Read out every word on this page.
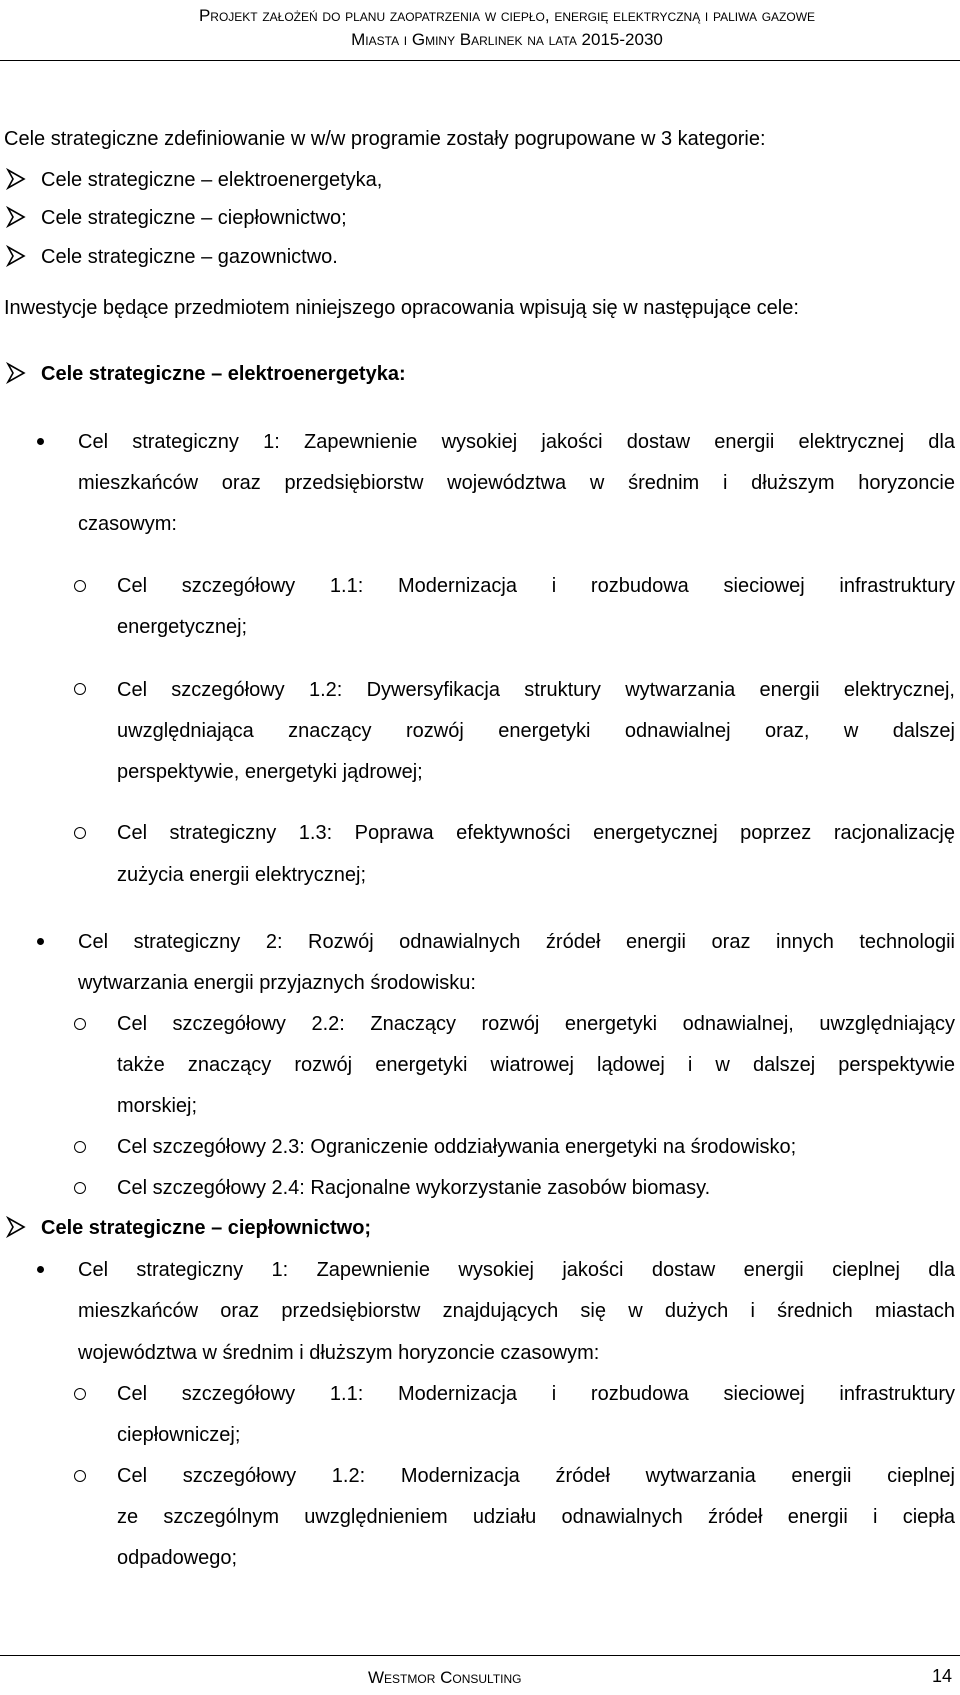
Projekt założeń do planu zaopatrzenia w ciepło, energię elektryczną i paliwa gazowe
Miasta i Gminy Barlinek na lata 2015-2030
Cele strategiczne zdefiniowanie w w/w programie zostały pogrupowane w 3 kategorie:
Cele strategiczne – elektroenergetyka,
Cele strategiczne – ciepłownictwo;
Cele strategiczne – gazownictwo.
Inwestycje będące przedmiotem niniejszego opracowania wpisują się w następujące cele:
Cele strategiczne – elektroenergetyka:
Cel strategiczny 1: Zapewnienie wysokiej jakości dostaw energii elektrycznej dla
mieszkańców oraz przedsiębiorstw województwa w średnim i dłuższym horyzoncie
czasowym:
Cel szczegółowy 1.1: Modernizacja i rozbudowa sieciowej infrastruktury
energetycznej;
Cel szczegółowy 1.2: Dywersyfikacja struktury wytwarzania energii elektrycznej,
uwzględniająca znaczący rozwój energetyki odnawialnej oraz, w dalszej
perspektywie, energetyki jądrowej;
Cel strategiczny 1.3: Poprawa efektywności energetycznej poprzez racjonalizację
zużycia energii elektrycznej;
Cel strategiczny 2: Rozwój odnawialnych źródeł energii oraz innych technologii
wytwarzania energii przyjaznych środowisku:
Cel szczegółowy 2.2: Znaczący rozwój energetyki odnawialnej, uwzględniający
także znaczący rozwój energetyki wiatrowej lądowej i w dalszej perspektywie
morskiej;
Cel szczegółowy 2.3: Ograniczenie oddziaływania energetyki na środowisko;
Cel szczegółowy 2.4: Racjonalne wykorzystanie zasobów biomasy.
Cele strategiczne – ciepłownictwo;
Cel strategiczny 1: Zapewnienie wysokiej jakości dostaw energii cieplnej dla
mieszkańców oraz przedsiębiorstw znajdujących się w dużych i średnich miastach
województwa w średnim i dłuższym horyzoncie czasowym:
Cel szczegółowy 1.1: Modernizacja i rozbudowa sieciowej infrastruktury
ciepłowniczej;
Cel szczegółowy 1.2: Modernizacja źródeł wytwarzania energii cieplnej
ze szczególnym uwzględnieniem udziału odnawialnych źródeł energii i ciepła
odpadowego;
Westmor Consulting	14
